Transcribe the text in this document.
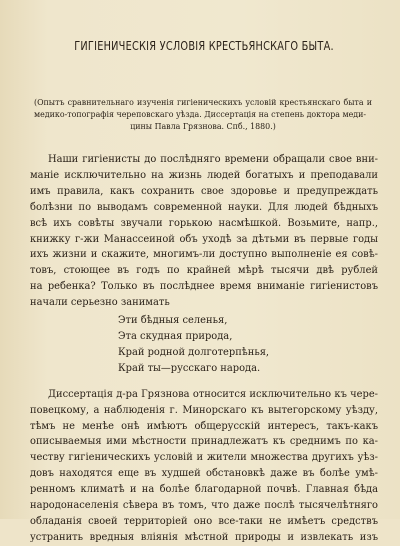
ГИГІЕНИЧЕСКІЯ УСЛОВІЯ КРЕСТЬЯНСКАГО БЫТА.

(Опытъ сравнительнаго изученія гигіеническихъ условій крестьянскаго быта и медико-топографія череповскаго уѣзда. Диссертація на степень доктора меди-
цины Павла Грязнова. Спб., 1880.)

Наши гигіенисты до послѣдняго времени обращали свое вни-
маніе исключительно на жизнь людей богатыхъ и преподавали
имъ правила, какъ сохранить свое здоровье и предупреждать
болѣзни по выводамъ современной науки. Для людей бѣдныхъ
всѣ ихъ совѣты звучали горькою насмѣшкой. Возьмите, напр.,
книжку г-жи Манассеиной объ уходѣ за дѣтьми въ первые годы
ихъ жизни и скажите, многимъ-ли доступно выполненіе ея совѣ-
товъ, стоющее въ годъ по крайней мѣрѣ тысячи двѣ рублей
на ребенка? Только въ послѣднее время вниманіе гигіенистовъ
начали серьезно занимать

Эти бѣдныя селенья,
Эта скудная природа,
Край родной долготерпѣнья,
Край ты—русскаго народа.

Диссертація д-ра Грязнова относится исключительно къ чере-
повецкому, а наблюденія г. Минорскаго къ вытегорскому уѣзду,
тѣмъ не менѣе онѣ имѣютъ общерусскій интересъ, такъ-какъ
описываемыя ими мѣстности принадлежатъ къ среднимъ по ка-
честву гигіеническихъ условій и жители множества другихъ уѣз-
довъ находятся еще въ худшей обстановкѣ даже въ болѣе умѣ-
ренномъ климатѣ и на болѣе благодарной почвѣ. Главная бѣда
народонаселенія сѣвера въ томъ, что даже послѣ тысячелѣтняго
обладанія своей территоріей оно все-таки не имѣетъ средствъ
устранить вредныя вліянія мѣстной природы и извлекать изъ
